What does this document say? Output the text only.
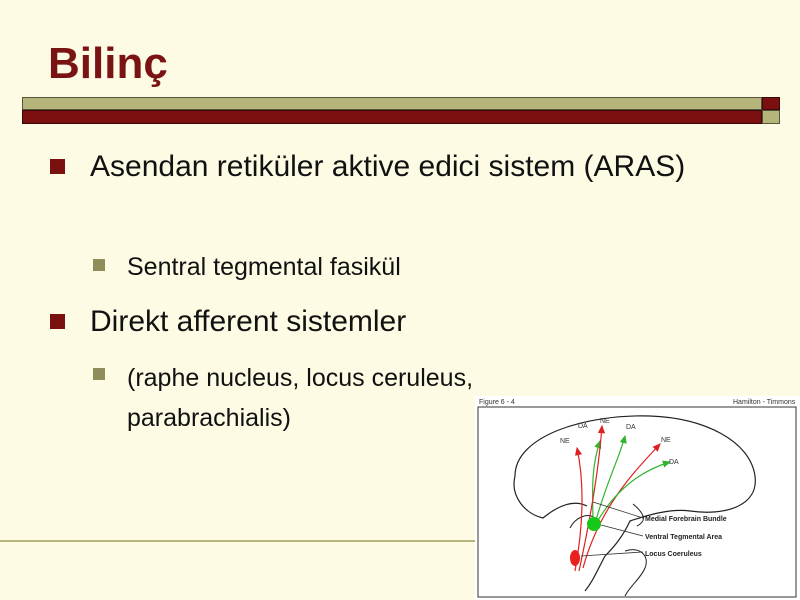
Bilinç
Asendan retiküler aktive edici sistem (ARAS)
Sentral tegmental fasikül
Direkt afferent sistemler
(raphe nucleus, locus ceruleus, parabrachialis)
Figure 6 - 4	Hamilton - Timmons
DA
NE
NE
DA
NE
DA
Medial Forebrain Bundle
Ventral Tegmental Area
Locus Coeruleus
